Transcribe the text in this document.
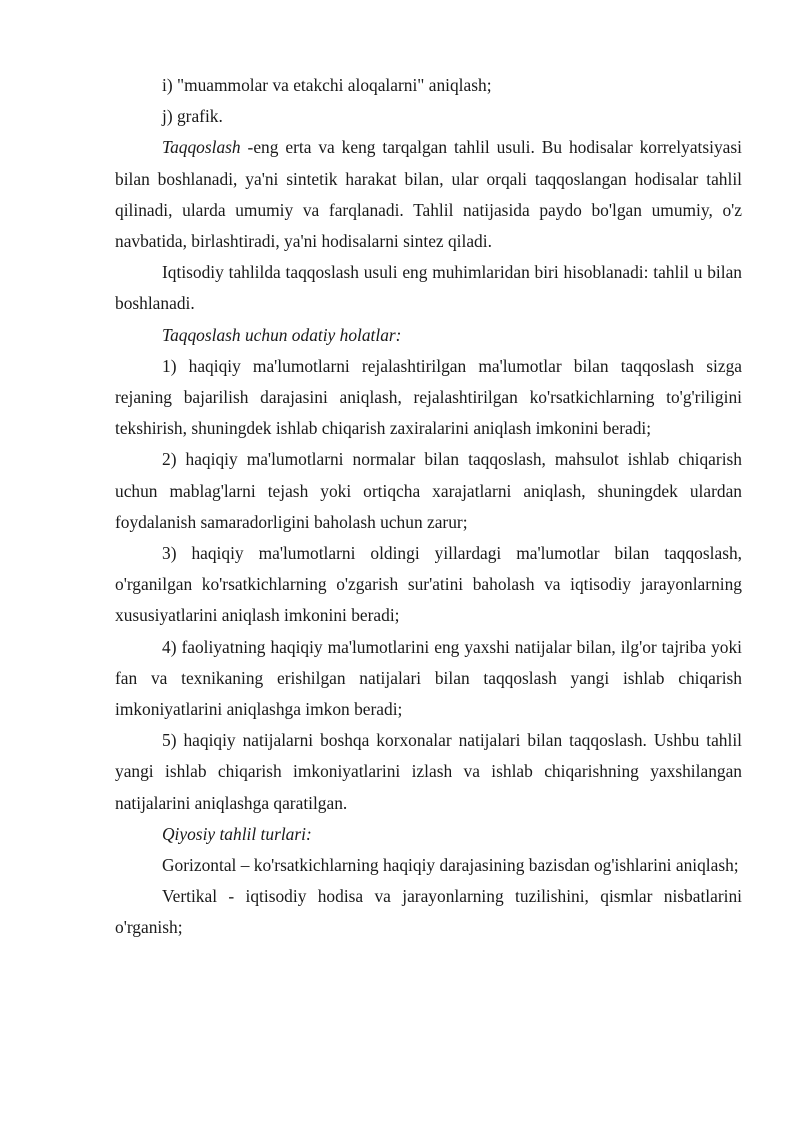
i) "muammolar va etakchi aloqalarni" aniqlash;

j) grafik.

Taqqoslash -eng erta va keng tarqalgan tahlil usuli. Bu hodisalar korrelyatsiyasi bilan boshlanadi, ya'ni sintetik harakat bilan, ular orqali taqqoslangan hodisalar tahlil qilinadi, ularda umumiy va farqlanadi. Tahlil natijasida paydo bo'lgan umumiy, o'z navbatida, birlashtiradi, ya'ni hodisalarni sintez qiladi.

Iqtisodiy tahlilda taqqoslash usuli eng muhimlaridan biri hisoblanadi: tahlil u bilan boshlanadi.

Taqqoslash uchun odatiy holatlar:

1) haqiqiy ma'lumotlarni rejalashtirilgan ma'lumotlar bilan taqqoslash sizga rejaning bajarilish darajasini aniqlash, rejalashtirilgan ko'rsatkichlarning to'g'riligini tekshirish, shuningdek ishlab chiqarish zaxiralarini aniqlash imkonini beradi;

2) haqiqiy ma'lumotlarni normalar bilan taqqoslash, mahsulot ishlab chiqarish uchun mablag'larni tejash yoki ortiqcha xarajatlarni aniqlash, shuningdek ulardan foydalanish samaradorligini baholash uchun zarur;

3) haqiqiy ma'lumotlarni oldingi yillardagi ma'lumotlar bilan taqqoslash, o'rganilgan ko'rsatkichlarning o'zgarish sur'atini baholash va iqtisodiy jarayonlarning xususiyatlarini aniqlash imkonini beradi;

4) faoliyatning haqiqiy ma'lumotlarini eng yaxshi natijalar bilan, ilg'or tajriba yoki fan va texnikaning erishilgan natijalari bilan taqqoslash yangi ishlab chiqarish imkoniyatlarini aniqlashga imkon beradi;

5) haqiqiy natijalarni boshqa korxonalar natijalari bilan taqqoslash. Ushbu tahlil yangi ishlab chiqarish imkoniyatlarini izlash va ishlab chiqarishning yaxshilangan natijalarini aniqlashga qaratilgan.

Qiyosiy tahlil turlari:

Gorizontal – ko'rsatkichlarning haqiqiy darajasining bazisdan og'ishlarini aniqlash;

Vertikal - iqtisodiy hodisa va jarayonlarning tuzilishini, qismlar nisbatlarini o'rganish;
